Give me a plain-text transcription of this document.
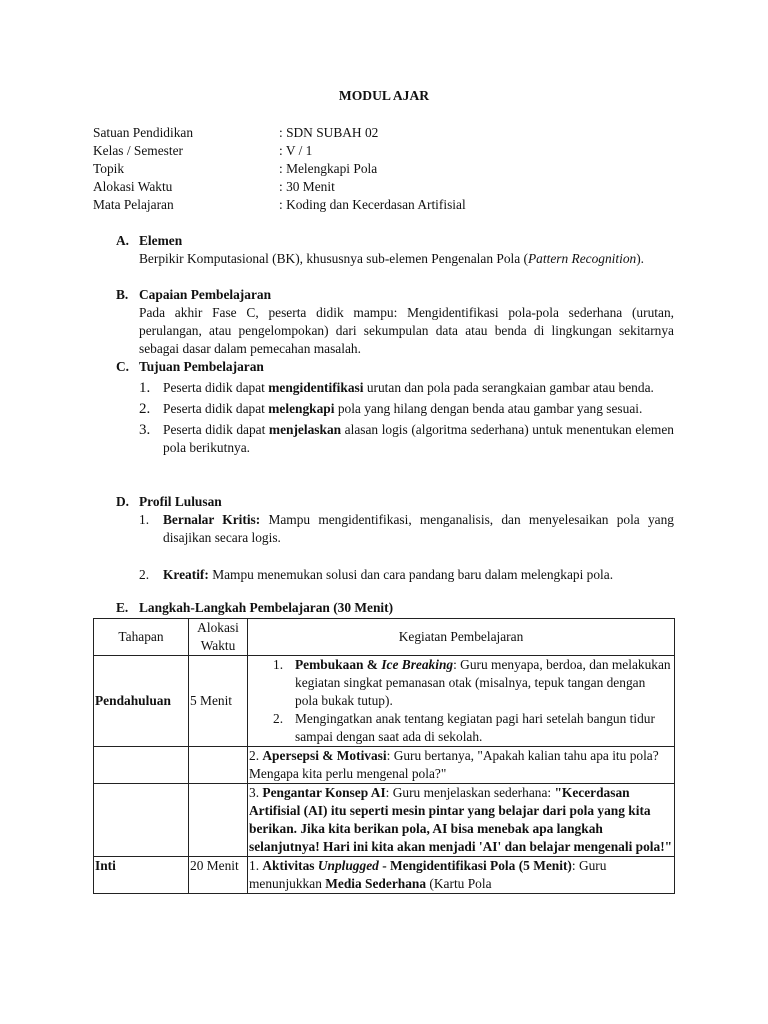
MODUL AJAR
Satuan Pendidikan	: SDN SUBAH 02
Kelas / Semester	: V / 1
Topik	: Melengkapi Pola
Alokasi Waktu	: 30 Menit
Mata Pelajaran	: Koding dan Kecerdasan Artifisial
A. Elemen
Berpikir Komputasional (BK), khususnya sub-elemen Pengenalan Pola (Pattern Recognition).
B. Capaian Pembelajaran
Pada akhir Fase C, peserta didik mampu: Mengidentifikasi pola-pola sederhana (urutan, perulangan, atau pengelompokan) dari sekumpulan data atau benda di lingkungan sekitarnya sebagai dasar dalam pemecahan masalah.
C. Tujuan Pembelajaran
1. Peserta didik dapat mengidentifikasi urutan dan pola pada serangkaian gambar atau benda.
2. Peserta didik dapat melengkapi pola yang hilang dengan benda atau gambar yang sesuai.
3. Peserta didik dapat menjelaskan alasan logis (algoritma sederhana) untuk menentukan elemen pola berikutnya.
D. Profil Lulusan
1. Bernalar Kritis: Mampu mengidentifikasi, menganalisis, dan menyelesaikan pola yang disajikan secara logis.
2. Kreatif: Mampu menemukan solusi dan cara pandang baru dalam melengkapi pola.
E. Langkah-Langkah Pembelajaran (30 Menit)
Tahapan	Alokasi Waktu	Kegiatan Pembelajaran
Pendahuluan	5 Menit	1. Pembukaan & Ice Breaking: Guru menyapa, berdoa, dan melakukan kegiatan singkat pemanasan otak (misalnya, tepuk tangan dengan pola bukak tutup).
2. Mengingatkan anak tentang kegiatan pagi hari setelah bangun tidur sampai dengan saat ada di sekolah.

		2. Apersepsi & Motivasi: Guru bertanya, "Apakah kalian tahu apa itu pola? Mengapa kita perlu mengenal pola?"
		3. Pengantar Konsep AI: Guru menjelaskan sederhana: "Kecerdasan Artifisial (AI) itu seperti mesin pintar yang belajar dari pola yang kita berikan. Jika kita berikan pola, AI bisa menebak apa langkah selanjutnya! Hari ini kita akan menjadi 'AI' dan belajar mengenali pola!"
Inti	20 Menit	1. Aktivitas Unplugged - Mengidentifikasi Pola (5 Menit): Guru menunjukkan Media Sederhana (Kartu Pola
